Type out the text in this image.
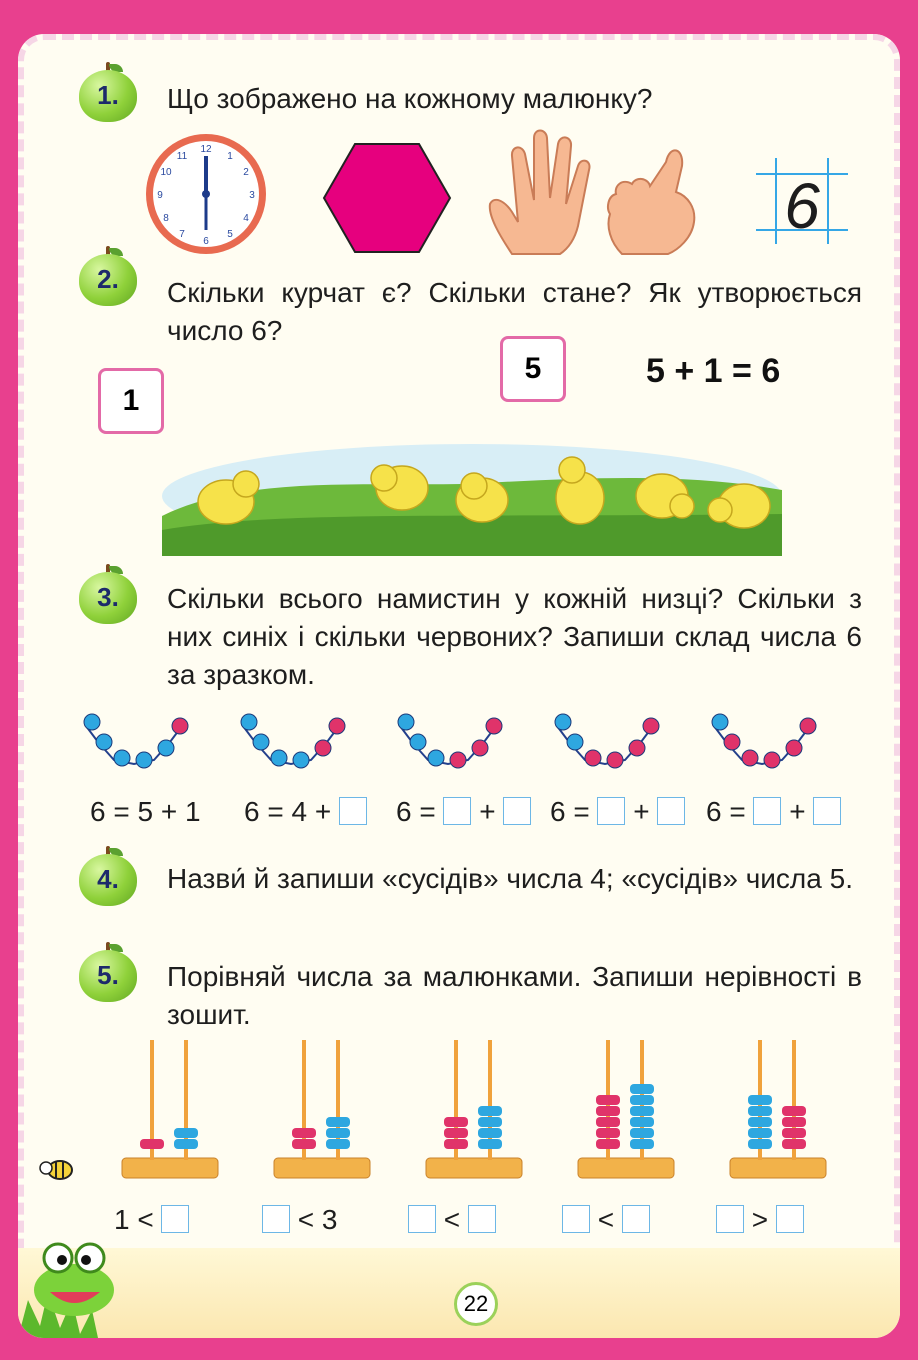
1.	Що зображено на кожному малюнку?
12
1
2
3
4
5
6
7
8
9
10
11
6
2.	Скільки курчат є? Скільки стане? Як утворюється число 6?
1
5	5 + 1 = 6
3.	Скільки всього намистин у кожній низці? Скільки з них синіх і скільки червоних? Запиши склад числа 6 за зразком.
6 = 5 + 1 6 = 4 +	6 = +	6 = +	6 = +
4.	Назви́ й запиши «сусідів» числа 4; «сусідів» числа 5.
5.	Порівняй числа за малюнками. Запиши нерівності в зошит.
1 <	< 3	<	<	>
22
